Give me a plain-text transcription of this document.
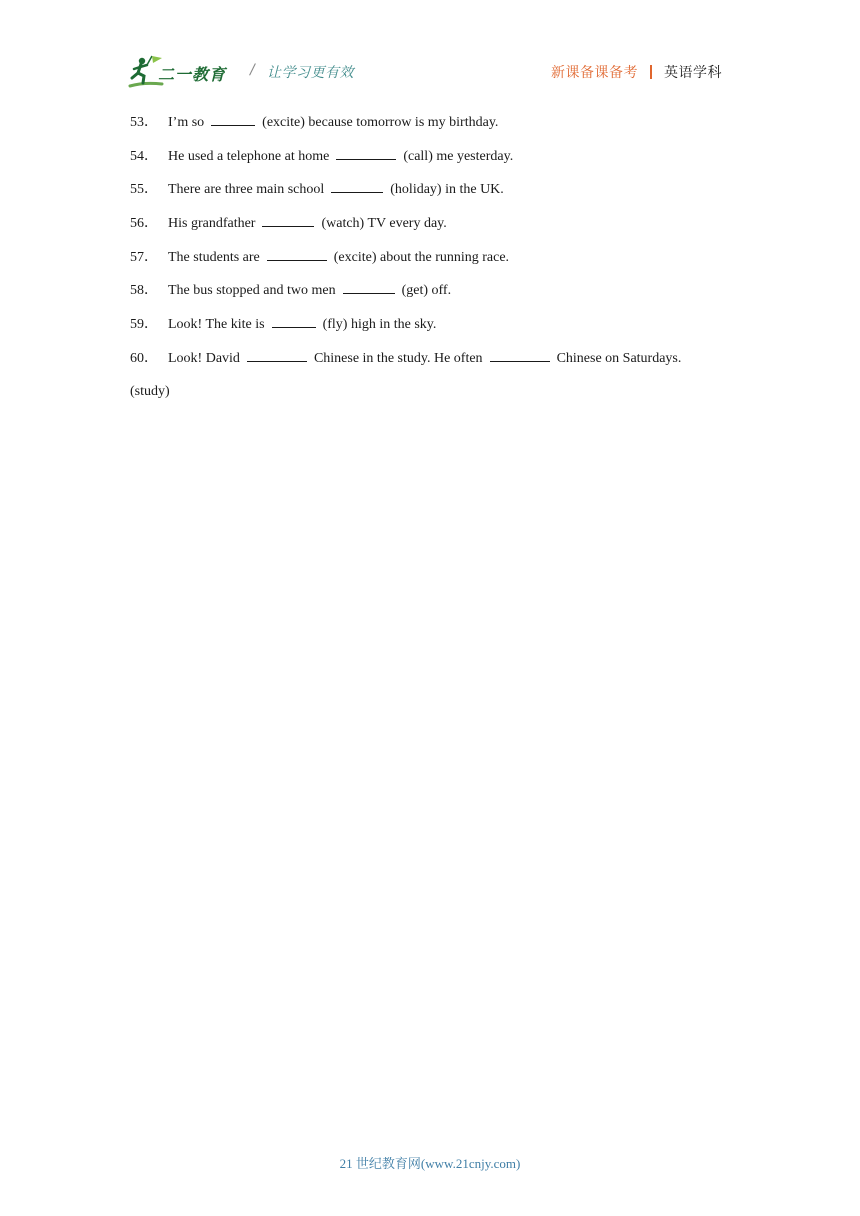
二一教育 / 让学习更有效	新课备课备考 英语学科
53． I’m so	(excite) because tomorrow is my birthday.
54． He used a telephone at home	(call) me yesterday.
55． There are three main school	(holiday) in the UK.
56． His grandfather	(watch) TV every day.
57． The students are	(excite) about the running race.
58． The bus stopped and two men	(get) off.
59． Look! The kite is	(fly) high in the sky.
60． Look! David	Chinese in the study. He often	Chinese on Saturdays.
(study)
21 世纪教育网(www.21cnjy.com)
